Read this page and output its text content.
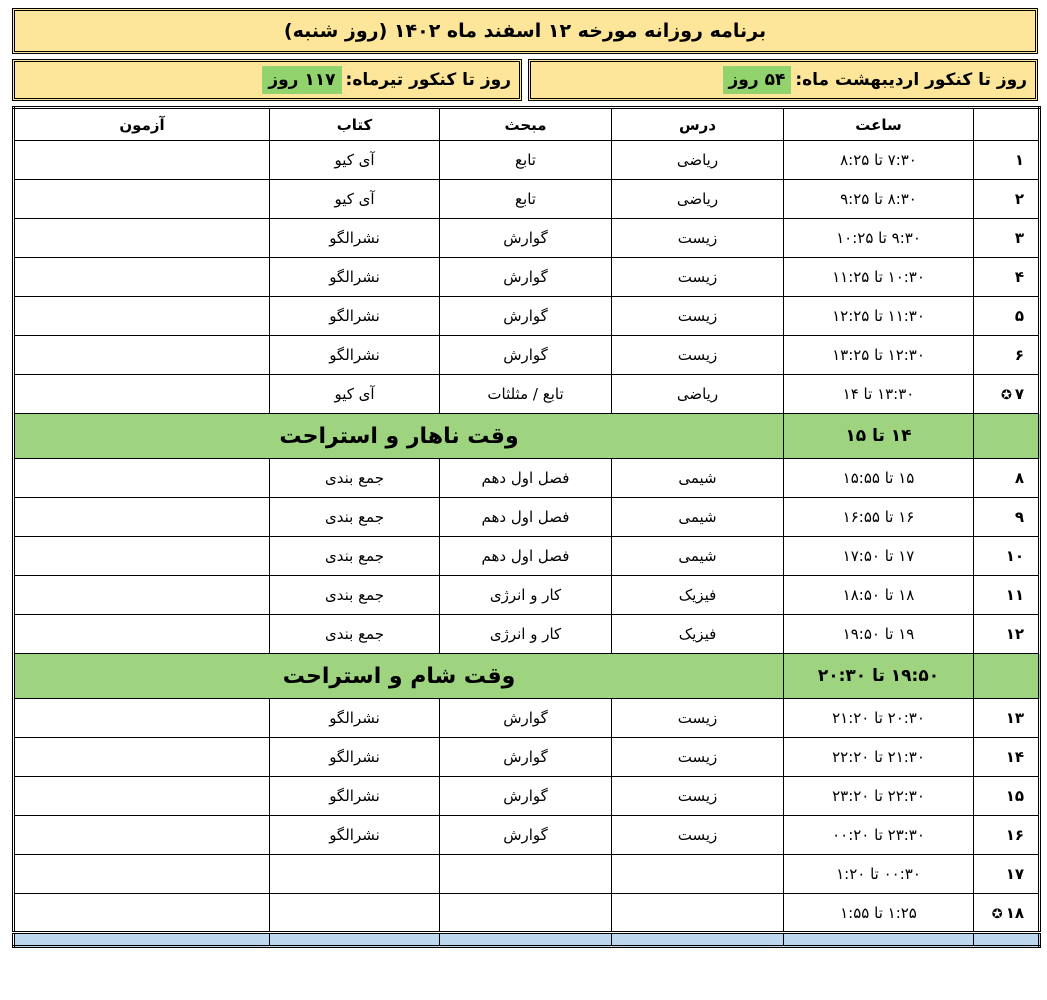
برنامه روزانه مورخه ۱۲ اسفند ماه ۱۴۰۲ (روز شنبه)
روز تا کنکور اردیبهشت ماه:
۵۴ روز
روز تا کنکور تیرماه:
۱۱۷ روز
	ساعت	درس	مبحث	کتاب	آزمون
۱	۷:۳۰ تا ۸:۲۵	ریاضی	تابع	آی کیو	
۲	۸:۳۰ تا ۹:۲۵	ریاضی	تابع	آی کیو	
۳	۹:۳۰ تا ۱۰:۲۵	زیست	گوارش	نشرالگو	
۴	۱۰:۳۰ تا ۱۱:۲۵	زیست	گوارش	نشرالگو	
۵	۱۱:۳۰ تا ۱۲:۲۵	زیست	گوارش	نشرالگو	
۶	۱۲:۳۰ تا ۱۳:۲۵	زیست	گوارش	نشرالگو	
۷✪	۱۳:۳۰ تا ۱۴	ریاضی	تابع / مثلثات	آی کیو	
	۱۴ تا ۱۵	وقت ناهار و استراحت			
۸	۱۵ تا ۱۵:۵۵	شیمی	فصل اول دهم	جمع بندی	
۹	۱۶ تا ۱۶:۵۵	شیمی	فصل اول دهم	جمع بندی	
۱۰	۱۷ تا ۱۷:۵۰	شیمی	فصل اول دهم	جمع بندی	
۱۱	۱۸ تا ۱۸:۵۰	فیزیک	کار و انرژی	جمع بندی	
۱۲	۱۹ تا ۱۹:۵۰	فیزیک	کار و انرژی	جمع بندی	
	۱۹:۵۰ تا ۲۰:۳۰	وقت شام و استراحت			
۱۳	۲۰:۳۰ تا ۲۱:۲۰	زیست	گوارش	نشرالگو	
۱۴	۲۱:۳۰ تا ۲۲:۲۰	زیست	گوارش	نشرالگو	
۱۵	۲۲:۳۰ تا ۲۳:۲۰	زیست	گوارش	نشرالگو	
۱۶	۲۳:۳۰ تا ۰۰:۲۰	زیست	گوارش	نشرالگو	
۱۷	۰۰:۳۰ تا ۱:۲۰				
۱۸✪	۱:۲۵ تا ۱:۵۵				
